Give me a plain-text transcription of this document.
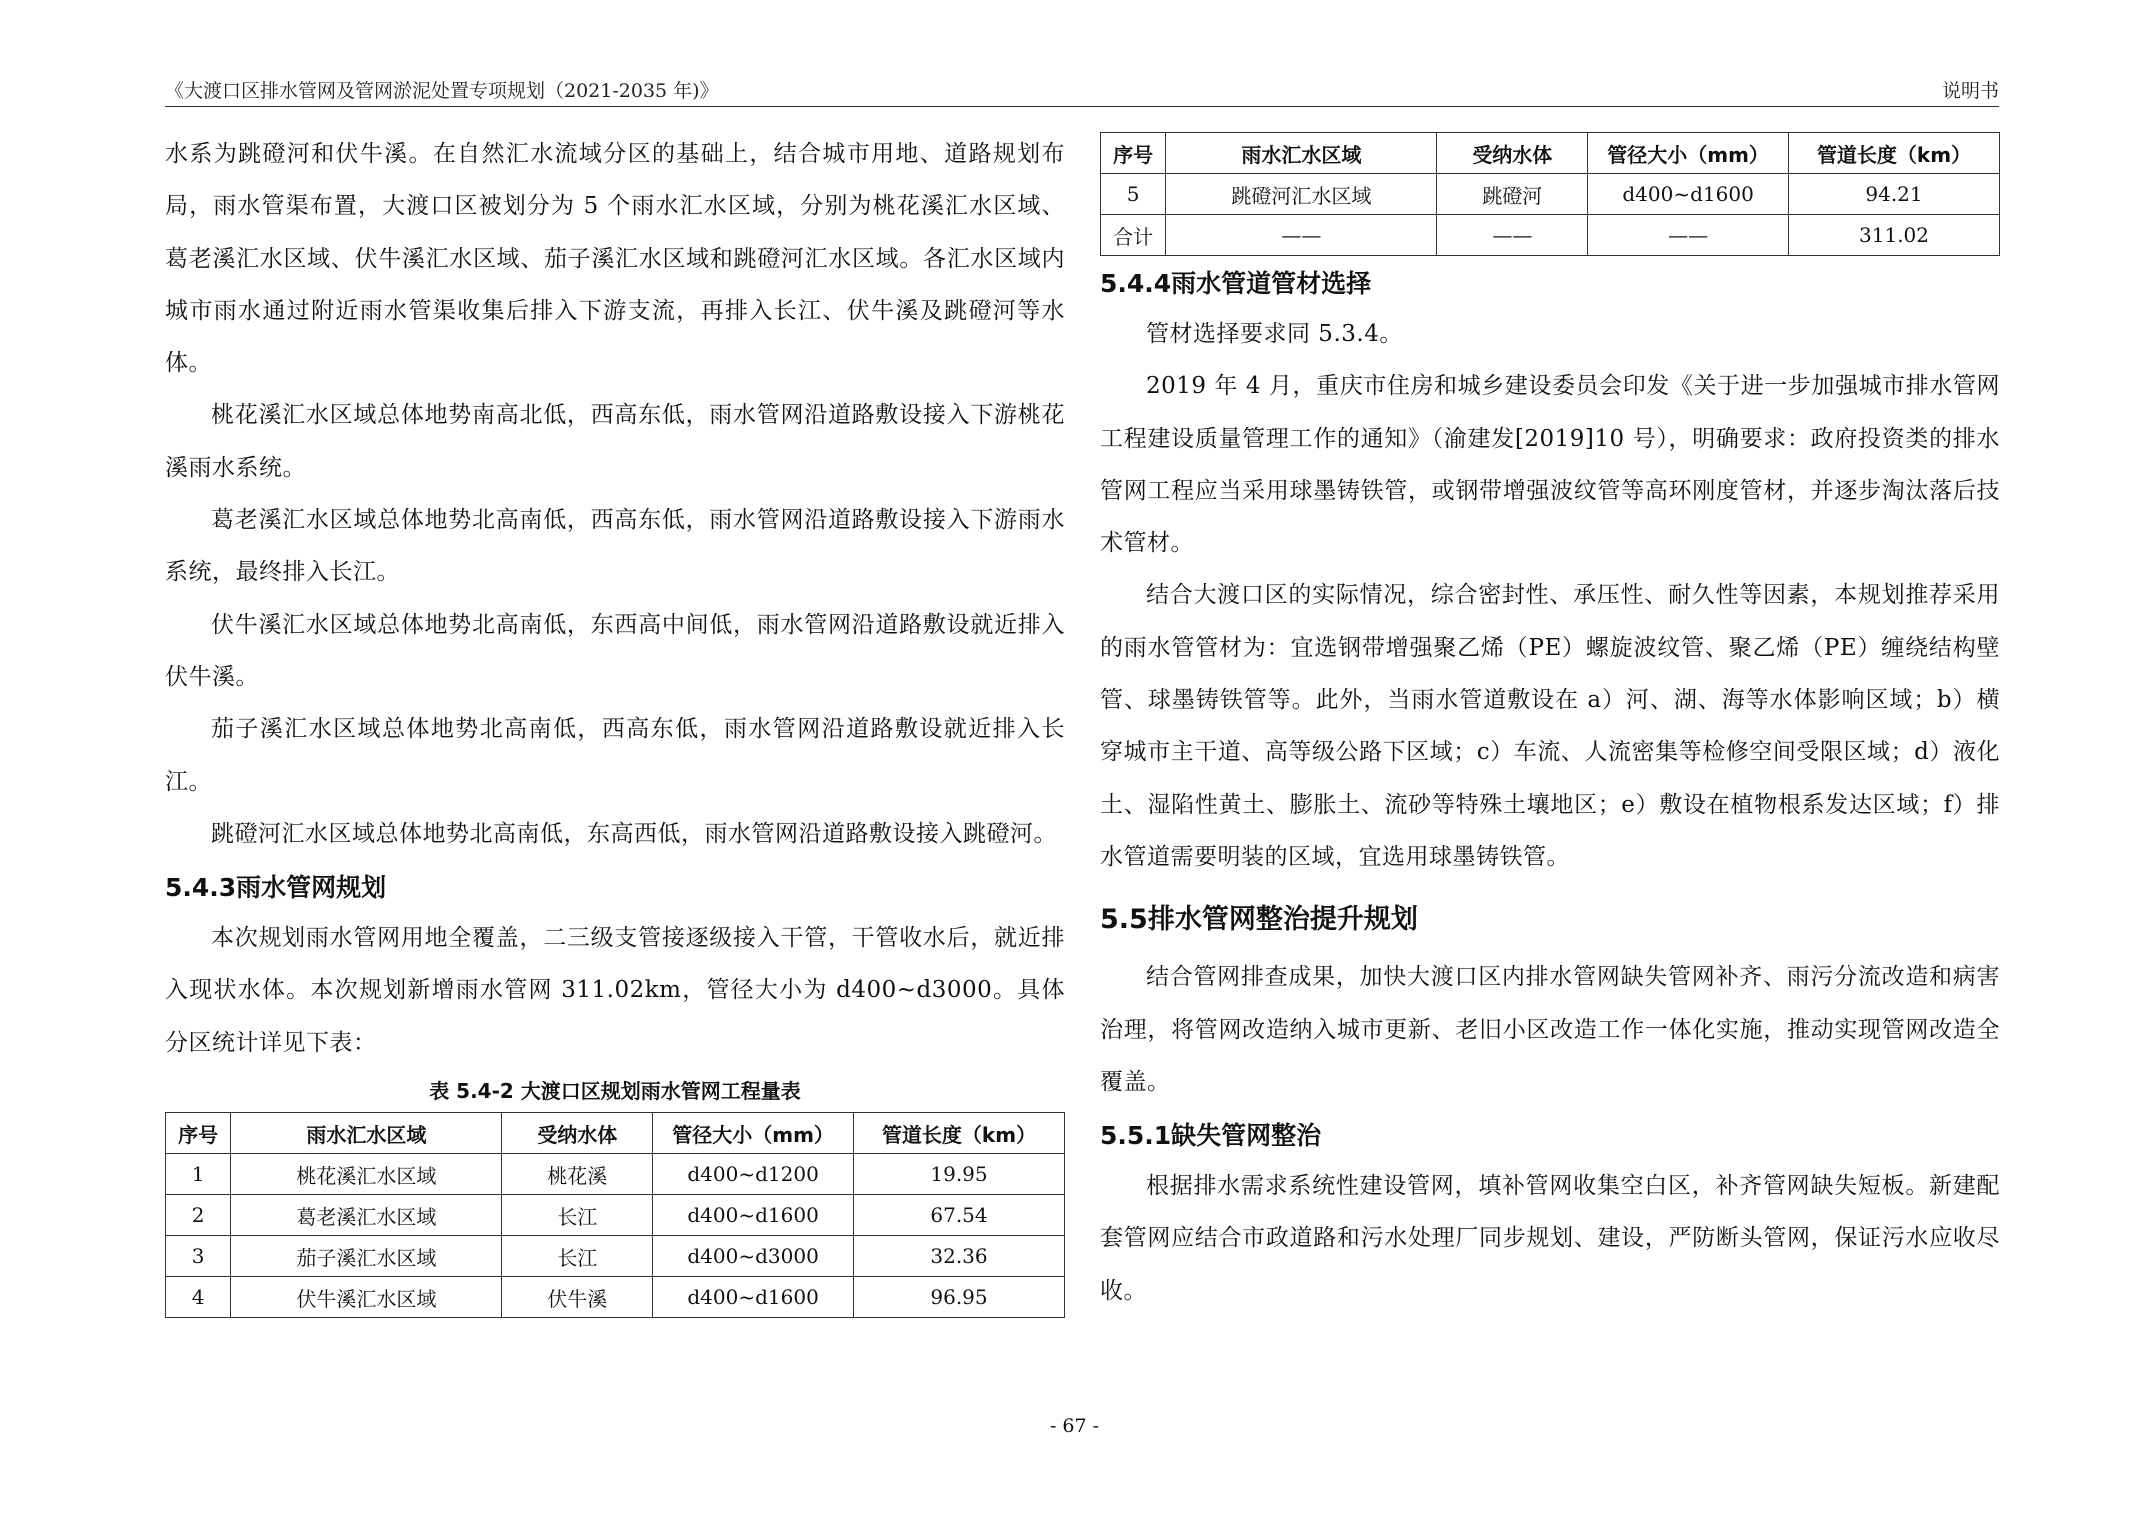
《大渡口区排水管网及管网淤泥处置专项规划（2021-2035 年)》	说明书

水系为跳磴河和伏牛溪。在自然汇水流域分区的基础上，结合城市用地、道路规划布局，雨水管渠布置，大渡口区被划分为 5 个雨水汇水区域，分别为桃花溪汇水区域、葛老溪汇水区域、伏牛溪汇水区域、茄子溪汇水区域和跳磴河汇水区域。各汇水区域内城市雨水通过附近雨水管渠收集后排入下游支流，再排入长江、伏牛溪及跳磴河等水体。

桃花溪汇水区域总体地势南高北低，西高东低，雨水管网沿道路敷设接入下游桃花溪雨水系统。

葛老溪汇水区域总体地势北高南低，西高东低，雨水管网沿道路敷设接入下游雨水系统，最终排入长江。

伏牛溪汇水区域总体地势北高南低，东西高中间低，雨水管网沿道路敷设就近排入伏牛溪。

茄子溪汇水区域总体地势北高南低，西高东低，雨水管网沿道路敷设就近排入长江。

跳磴河汇水区域总体地势北高南低，东高西低，雨水管网沿道路敷设接入跳磴河。

5.4.3雨水管网规划

本次规划雨水管网用地全覆盖，二三级支管接逐级接入干管，干管收水后，就近排入现状水体。本次规划新增雨水管网 311.02km，管径大小为 d400~d3000。具体分区统计详见下表：

表 5.4-2 大渡口区规划雨水管网工程量表
序号	雨水汇水区域	受纳水体	管径大小（mm）	管道长度（km）
1	桃花溪汇水区域	桃花溪	d400~d1200	19.95
2	葛老溪汇水区域	长江	d400~d1600	67.54
3	茄子溪汇水区域	长江	d400~d3000	32.36
4	伏牛溪汇水区域	伏牛溪	d400~d1600	96.95
序号	雨水汇水区域	受纳水体	管径大小（mm）	管道长度（km）
5	跳磴河汇水区域	跳磴河	d400~d1600	94.21
合计	——	——	——	311.02
5.4.4雨水管道管材选择

管材选择要求同 5.3.4。

2019 年 4 月，重庆市住房和城乡建设委员会印发《关于进一步加强城市排水管网工程建设质量管理工作的通知》（渝建发[2019]10 号），明确要求：政府投资类的排水管网工程应当采用球墨铸铁管，或钢带增强波纹管等高环刚度管材，并逐步淘汰落后技术管材。

结合大渡口区的实际情况，综合密封性、承压性、耐久性等因素，本规划推荐采用的雨水管管材为：宜选钢带增强聚乙烯（PE）螺旋波纹管、聚乙烯（PE）缠绕结构壁管、球墨铸铁管等。此外，当雨水管道敷设在 a）河、湖、海等水体影响区域；b）横穿城市主干道、高等级公路下区域；c）车流、人流密集等检修空间受限区域；d）液化土、湿陷性黄土、膨胀土、流砂等特殊土壤地区；e）敷设在植物根系发达区域；f）排水管道需要明装的区域，宜选用球墨铸铁管。

5.5排水管网整治提升规划

结合管网排查成果，加快大渡口区内排水管网缺失管网补齐、雨污分流改造和病害治理，将管网改造纳入城市更新、老旧小区改造工作一体化实施，推动实现管网改造全覆盖。

5.5.1缺失管网整治

根据排水需求系统性建设管网，填补管网收集空白区，补齐管网缺失短板。新建配套管网应结合市政道路和污水处理厂同步规划、建设，严防断头管网，保证污水应收尽收。

- 67 -
